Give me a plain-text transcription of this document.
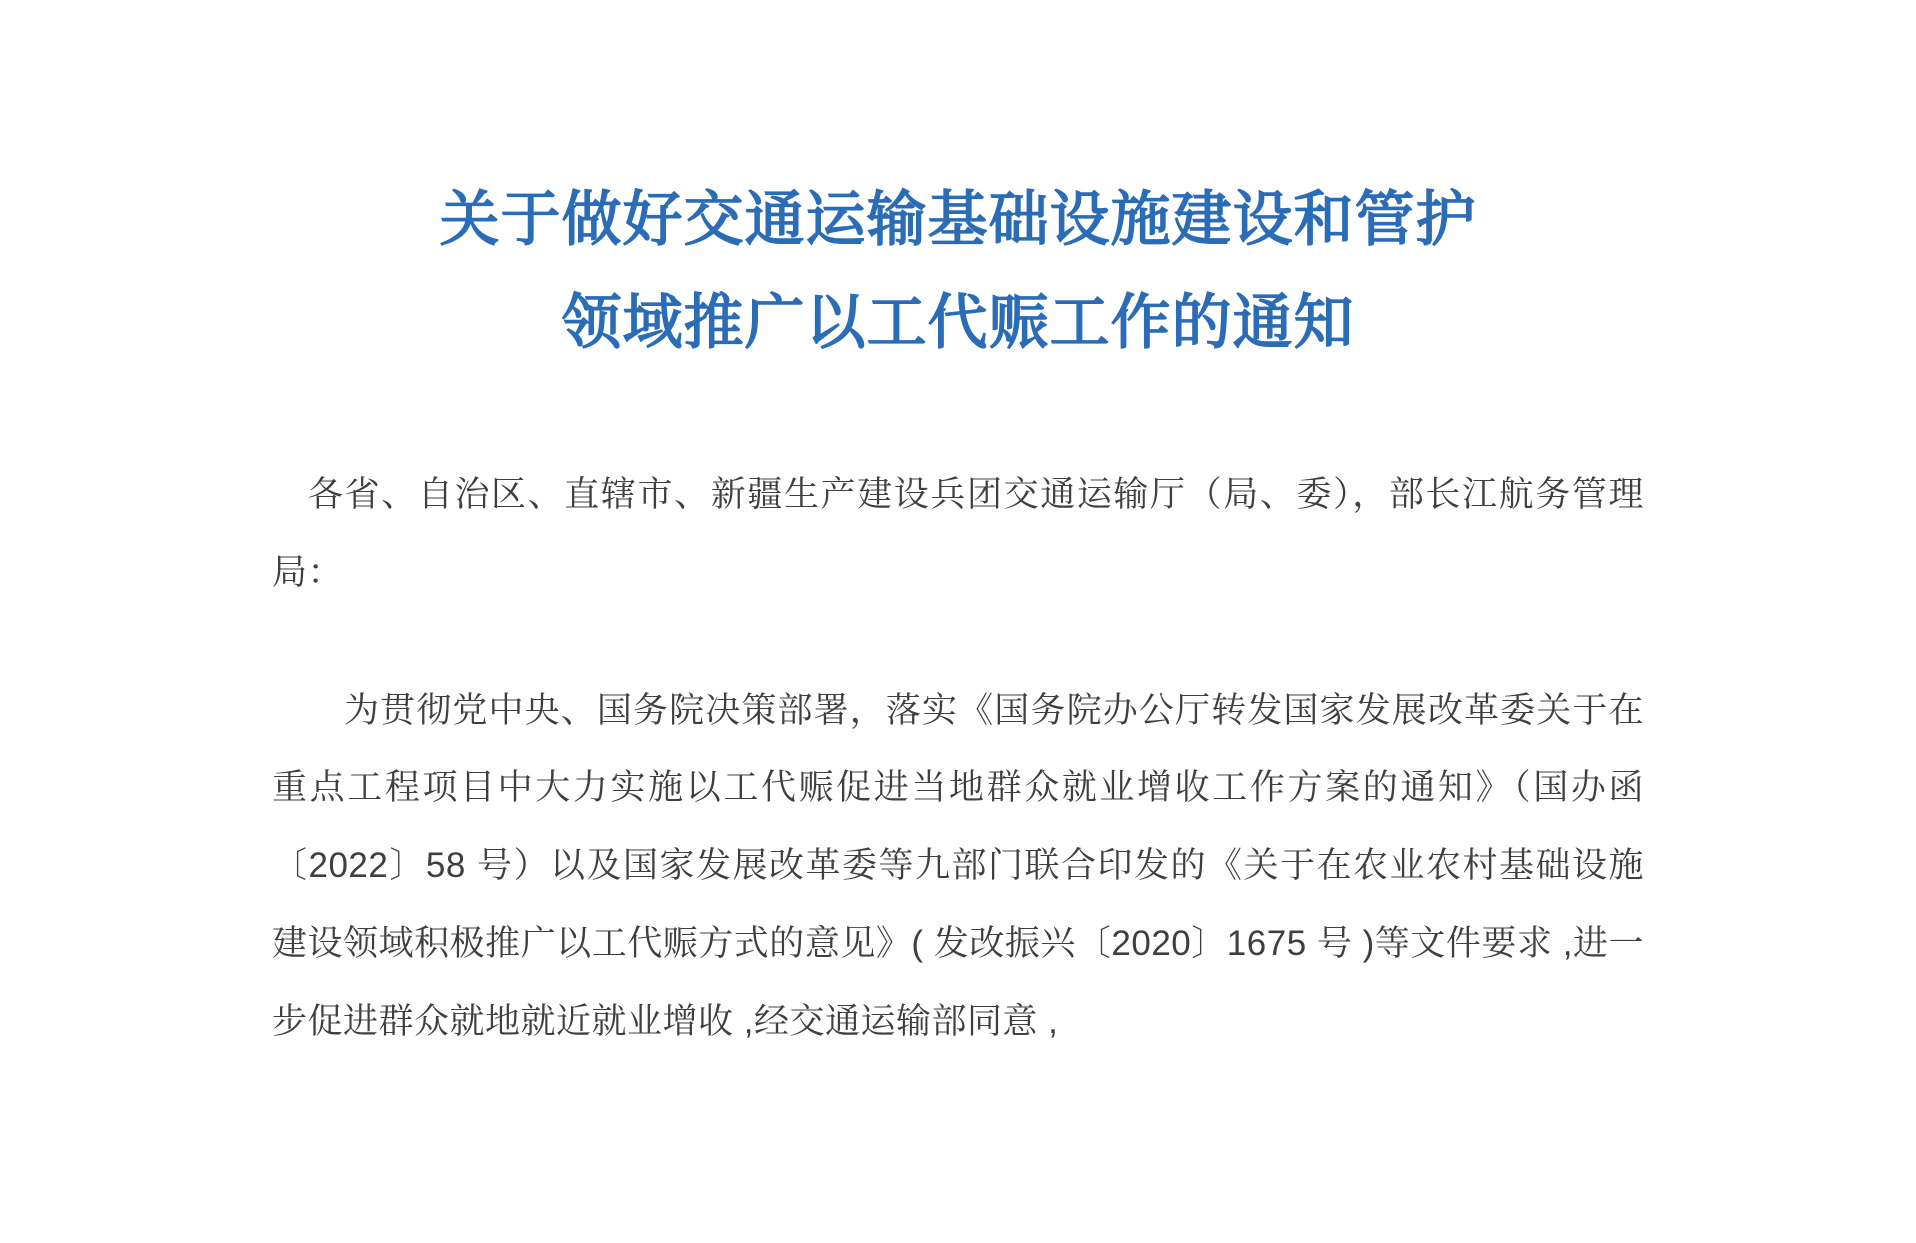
关于做好交通运输基础设施建设和管护
领域推广以工代赈工作的通知

各省、自治区、直辖市、新疆生产建设兵团交通运输厅（局、委），部长江航务管理局：

为贯彻党中央、国务院决策部署，落实《国务院办公厅转发国家发展改革委关于在重点工程项目中大力实施以工代赈促进当地群众就业增收工作方案的通知》（国办函〔2022〕58 号）以及国家发展改革委等九部门联合印发的《关于在农业农村基础设施建设领域积极推广以工代赈方式的意见》( 发改振兴〔2020〕1675 号 )等文件要求 ,进一步促进群众就地就近就业增收 ,经交通运输部同意 ,
